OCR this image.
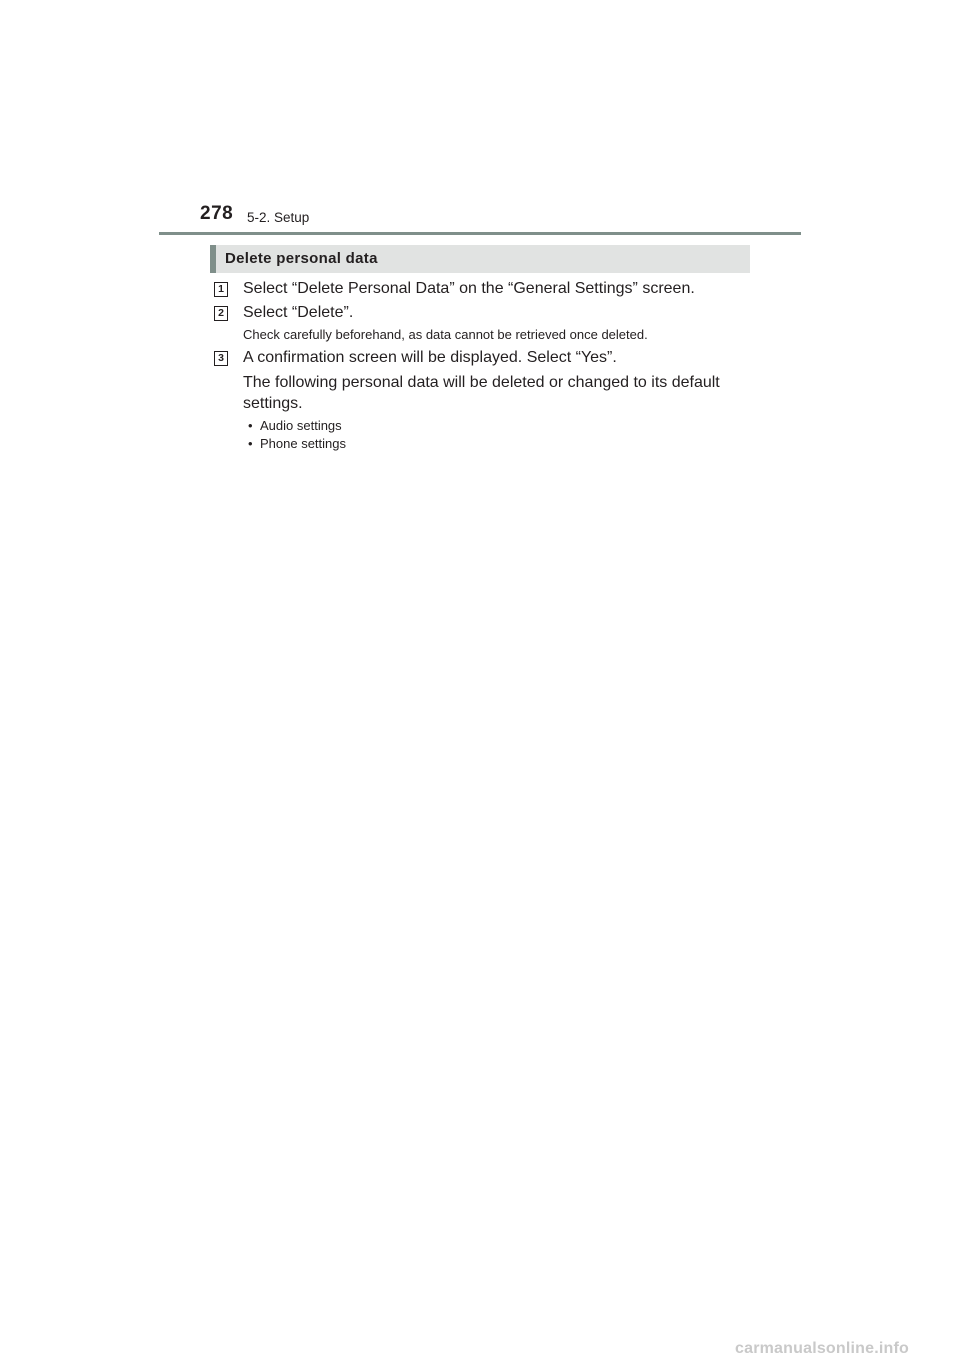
278 5-2. Setup
Delete personal data
1 Select “Delete Personal Data” on the “General Settings” screen.
2 Select “Delete”.
Check carefully beforehand, as data cannot be retrieved once deleted.
3 A confirmation screen will be displayed. Select “Yes”.
The following personal data will be deleted or changed to its default settings.
• Audio settings
• Phone settings
carmanualsonline.info
